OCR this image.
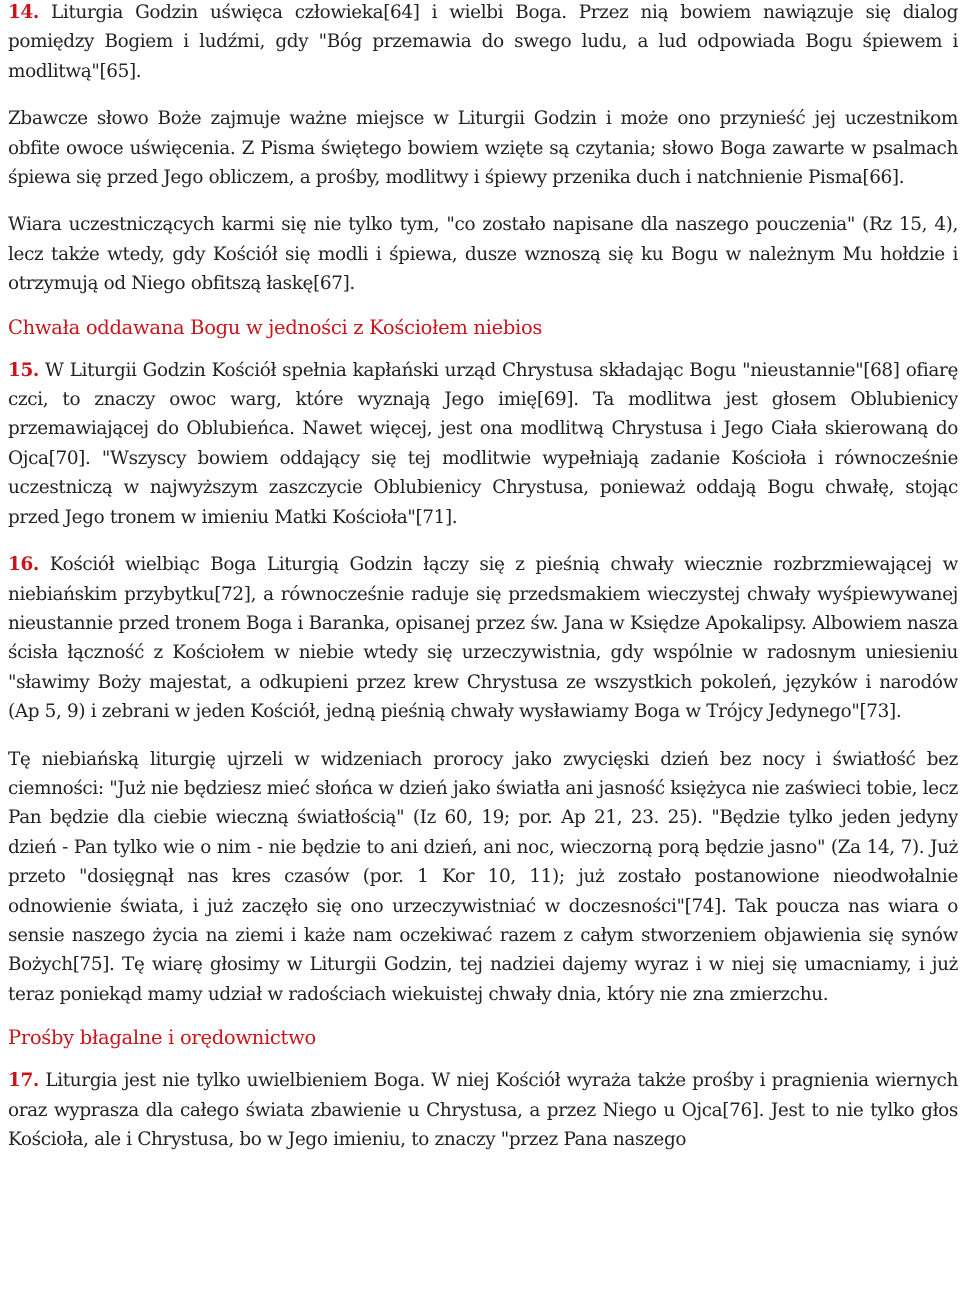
14. Liturgia Godzin uświęca człowieka[64] i wielbi Boga. Przez nią bowiem nawiązuje się dialog pomiędzy Bogiem i ludźmi, gdy "Bóg przemawia do swego ludu, a lud odpowiada Bogu śpiewem i modlitwą"[65].

Zbawcze słowo Boże zajmuje ważne miejsce w Liturgii Godzin i może ono przynieść jej uczestnikom obfite owoce uświęcenia. Z Pisma świętego bowiem wzięte są czytania; słowo Boga zawarte w psalmach śpiewa się przed Jego obliczem, a prośby, modlitwy i śpiewy przenika duch i natchnienie Pisma[66].

Wiara uczestniczących karmi się nie tylko tym, "co zostało napisane dla naszego pouczenia" (Rz 15, 4), lecz także wtedy, gdy Kościół się modli i śpiewa, dusze wznoszą się ku Bogu w należnym Mu hołdzie i otrzymują od Niego obfitszą łaskę[67].

Chwała oddawana Bogu w jedności z Kościołem niebios

15. W Liturgii Godzin Kościół spełnia kapłański urząd Chrystusa składając Bogu "nieustannie"[68] ofiarę czci, to znaczy owoc warg, które wyznają Jego imię[69]. Ta modlitwa jest głosem Oblubienicy przemawiającej do Oblubieńca. Nawet więcej, jest ona modlitwą Chrystusa i Jego Ciała skierowaną do Ojca[70]. "Wszyscy bowiem oddający się tej modlitwie wypełniają zadanie Kościoła i równocześnie uczestniczą w najwyższym zaszczycie Oblubienicy Chrystusa, ponieważ oddają Bogu chwałę, stojąc przed Jego tronem w imieniu Matki Kościoła"[71].

16. Kościół wielbiąc Boga Liturgią Godzin łączy się z pieśnią chwały wiecznie rozbrzmiewającej w niebiańskim przybytku[72], a równocześnie raduje się przedsmakiem wieczystej chwały wyśpiewywanej nieustannie przed tronem Boga i Baranka, opisanej przez św. Jana w Księdze Apokalipsy. Albowiem nasza ścisła łączność z Kościołem w niebie wtedy się urzeczywistnia, gdy wspólnie w radosnym uniesieniu "sławimy Boży majestat, a odkupieni przez krew Chrystusa ze wszystkich pokoleń, języków i narodów (Ap 5, 9) i zebrani w jeden Kościół, jedną pieśnią chwały wysławiamy Boga w Trójcy Jedynego"[73].

Tę niebiańską liturgię ujrzeli w widzeniach prorocy jako zwycięski dzień bez nocy i światłość bez ciemności: "Już nie będziesz mieć słońca w dzień jako światła ani jasność księżyca nie zaświeci tobie, lecz Pan będzie dla ciebie wieczną światłością" (Iz 60, 19; por. Ap 21, 23. 25). "Będzie tylko jeden jedyny dzień - Pan tylko wie o nim - nie będzie to ani dzień, ani noc, wieczorną porą będzie jasno" (Za 14, 7). Już przeto "dosięgnął nas kres czasów (por. 1 Kor 10, 11); już zostało postanowione nieodwołalnie odnowienie świata, i już zaczęło się ono urzeczywistniać w doczesności"[74]. Tak poucza nas wiara o sensie naszego życia na ziemi i każe nam oczekiwać razem z całym stworzeniem objawienia się synów Bożych[75]. Tę wiarę głosimy w Liturgii Godzin, tej nadziei dajemy wyraz i w niej się umacniamy, i już teraz poniekąd mamy udział w radościach wiekuistej chwały dnia, który nie zna zmierzchu.

Prośby błagalne i orędownictwo

17. Liturgia jest nie tylko uwielbieniem Boga. W niej Kościół wyraża także prośby i pragnienia wiernych oraz wyprasza dla całego świata zbawienie u Chrystusa, a przez Niego u Ojca[76]. Jest to nie tylko głos Kościoła, ale i Chrystusa, bo w Jego imieniu, to znaczy "przez Pana naszego
